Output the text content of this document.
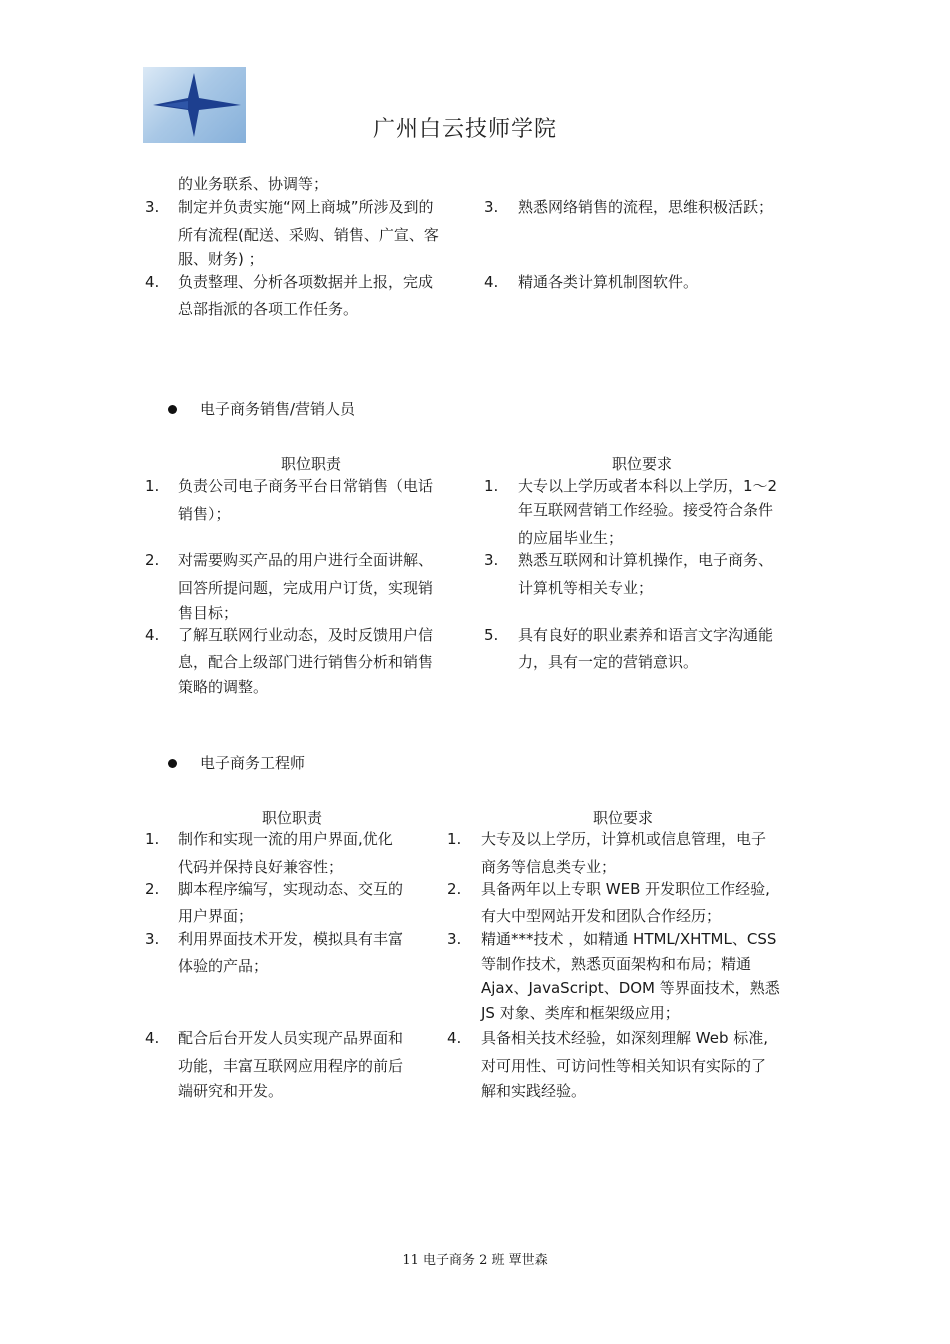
广州白云技师学院
的业务联系、协调等；
3. 制定并负责实施“网上商城”所涉及到的
所有流程(配送、采购、销售、广宣、客
服、财务) ；
4. 负责整理、分析各项数据并上报，完成
总部指派的各项工作任务。
3. 熟悉网络销售的流程，思维积极活跃；
4. 精通各类计算机制图软件。
电子商务销售/营销人员
职位职责	职位要求
1. 负责公司电子商务平台日常销售（电话
销售）；
2. 对需要购买产品的用户进行全面讲解、
回答所提问题，完成用户订货，实现销
售目标；
4. 了解互联网行业动态，及时反馈用户信
息，配合上级部门进行销售分析和销售
策略的调整。
1. 大专以上学历或者本科以上学历，1～2
年互联网营销工作经验。接受符合条件
的应届毕业生；
3. 熟悉互联网和计算机操作，电子商务、
计算机等相关专业；
5. 具有良好的职业素养和语言文字沟通能
力，具有一定的营销意识。
电子商务工程师
职位职责	职位要求
1. 制作和实现一流的用户界面,优化
代码并保持良好兼容性；
2. 脚本程序编写，实现动态、交互的
用户界面；
3. 利用界面技术开发，模拟具有丰富
体验的产品；
4. 配合后台开发人员实现产品界面和
功能，丰富互联网应用程序的前后
端研究和开发。
1. 大专及以上学历，计算机或信息管理，电子
商务等信息类专业；
2. 具备两年以上专职 WEB 开发职位工作经验,
有大中型网站开发和团队合作经历；
3. 精通***技术 ，如精通 HTML/XHTML、CSS
等制作技术，熟悉页面架构和布局；精通
Ajax、JavaScript、DOM 等界面技术，熟悉
JS 对象、类库和框架级应用；
4. 具备相关技术经验，如深刻理解 Web 标准,
对可用性、可访问性等相关知识有实际的了
解和实践经验。
11 电子商务 2 班 覃世森
